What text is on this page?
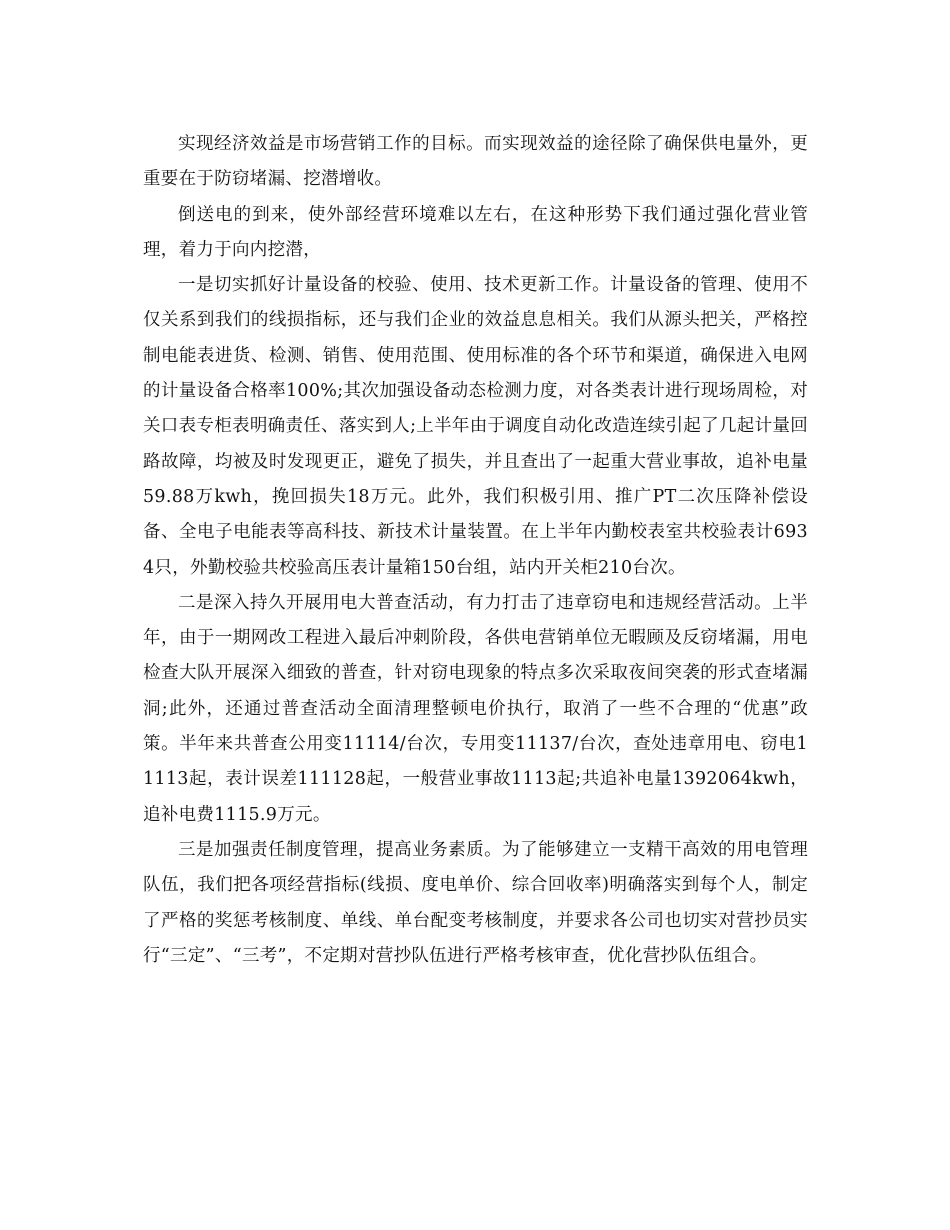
实现经济效益是市场营销工作的目标。而实现效益的途径除了确保供电量外，更重要在于防窃堵漏、挖潜增收。

倒送电的到来，使外部经营环境难以左右，在这种形势下我们通过强化营业管理，着力于向内挖潜，

一是切实抓好计量设备的校验、使用、技术更新工作。计量设备的管理、使用不仅关系到我们的线损指标，还与我们企业的效益息息相关。我们从源头把关，严格控制电能表进货、检测、销售、使用范围、使用标准的各个环节和渠道，确保进入电网的计量设备合格率100%;其次加强设备动态检测力度，对各类表计进行现场周检，对关口表专柜表明确责任、落实到人;上半年由于调度自动化改造连续引起了几起计量回路故障，均被及时发现更正，避免了损失，并且查出了一起重大营业事故，追补电量59.88万kwh，挽回损失18万元。此外，我们积极引用、推广PT二次压降补偿设备、全电子电能表等高科技、新技术计量装置。在上半年内勤校表室共校验表计6934只，外勤校验共校验高压表计量箱150台组，站内开关柜210台次。

二是深入持久开展用电大普查活动，有力打击了违章窃电和违规经营活动。上半年，由于一期网改工程进入最后冲刺阶段，各供电营销单位无暇顾及反窃堵漏，用电检查大队开展深入细致的普查，针对窃电现象的特点多次采取夜间突袭的形式查堵漏洞;此外，还通过普查活动全面清理整顿电价执行，取消了一些不合理的“优惠”政策。半年来共普查公用变11114/台次，专用变11137/台次，查处违章用电、窃电11113起，表计误差111128起，一般营业事故1113起;共追补电量1392064kwh，追补电费1115.9万元。

三是加强责任制度管理，提高业务素质。为了能够建立一支精干高效的用电管理队伍，我们把各项经营指标(线损、度电单价、综合回收率)明确落实到每个人，制定了严格的奖惩考核制度、单线、单台配变考核制度，并要求各公司也切实对营抄员实行“三定”、“三考”，不定期对营抄队伍进行严格考核审查，优化营抄队伍组合。
